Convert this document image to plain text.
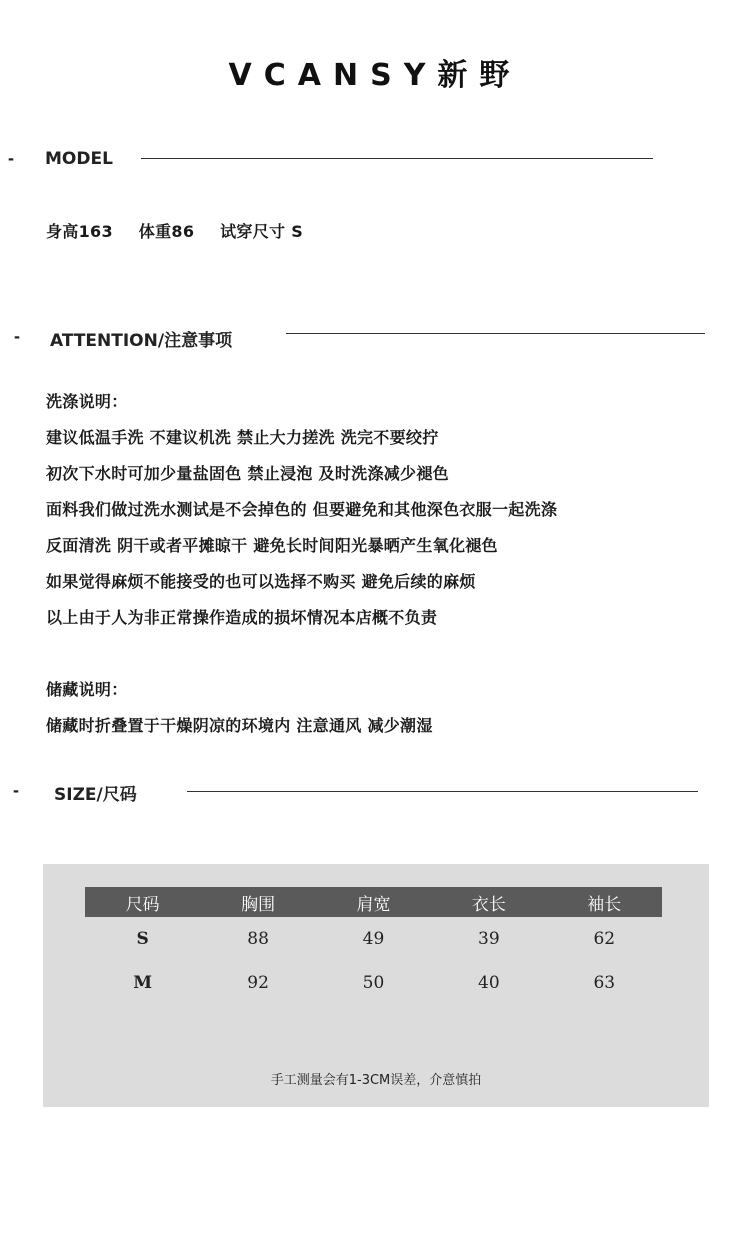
VCANSY新野
- MODEL
身高163 体重86 试穿尺寸 S
- ATTENTION/注意事项
洗涤说明：
建议低温手洗 不建议机洗 禁止大力搓洗 洗完不要绞拧
初次下水时可加少量盐固色 禁止浸泡 及时洗涤减少褪色
面料我们做过洗水测试是不会掉色的 但要避免和其他深色衣服一起洗涤
反面清洗 阴干或者平摊晾干 避免长时间阳光暴晒产生氧化褪色
如果觉得麻烦不能接受的也可以选择不购买 避免后续的麻烦
以上由于人为非正常操作造成的损坏情况本店概不负责
储藏说明：
储藏时折叠置于干燥阴凉的环境内 注意通风 减少潮湿
- SIZE/尺码
尺码	胸围	肩宽	衣长	袖长
S	88	49	39	62
M	92	50	40	63
手工测量会有1-3CM误差，介意慎拍
